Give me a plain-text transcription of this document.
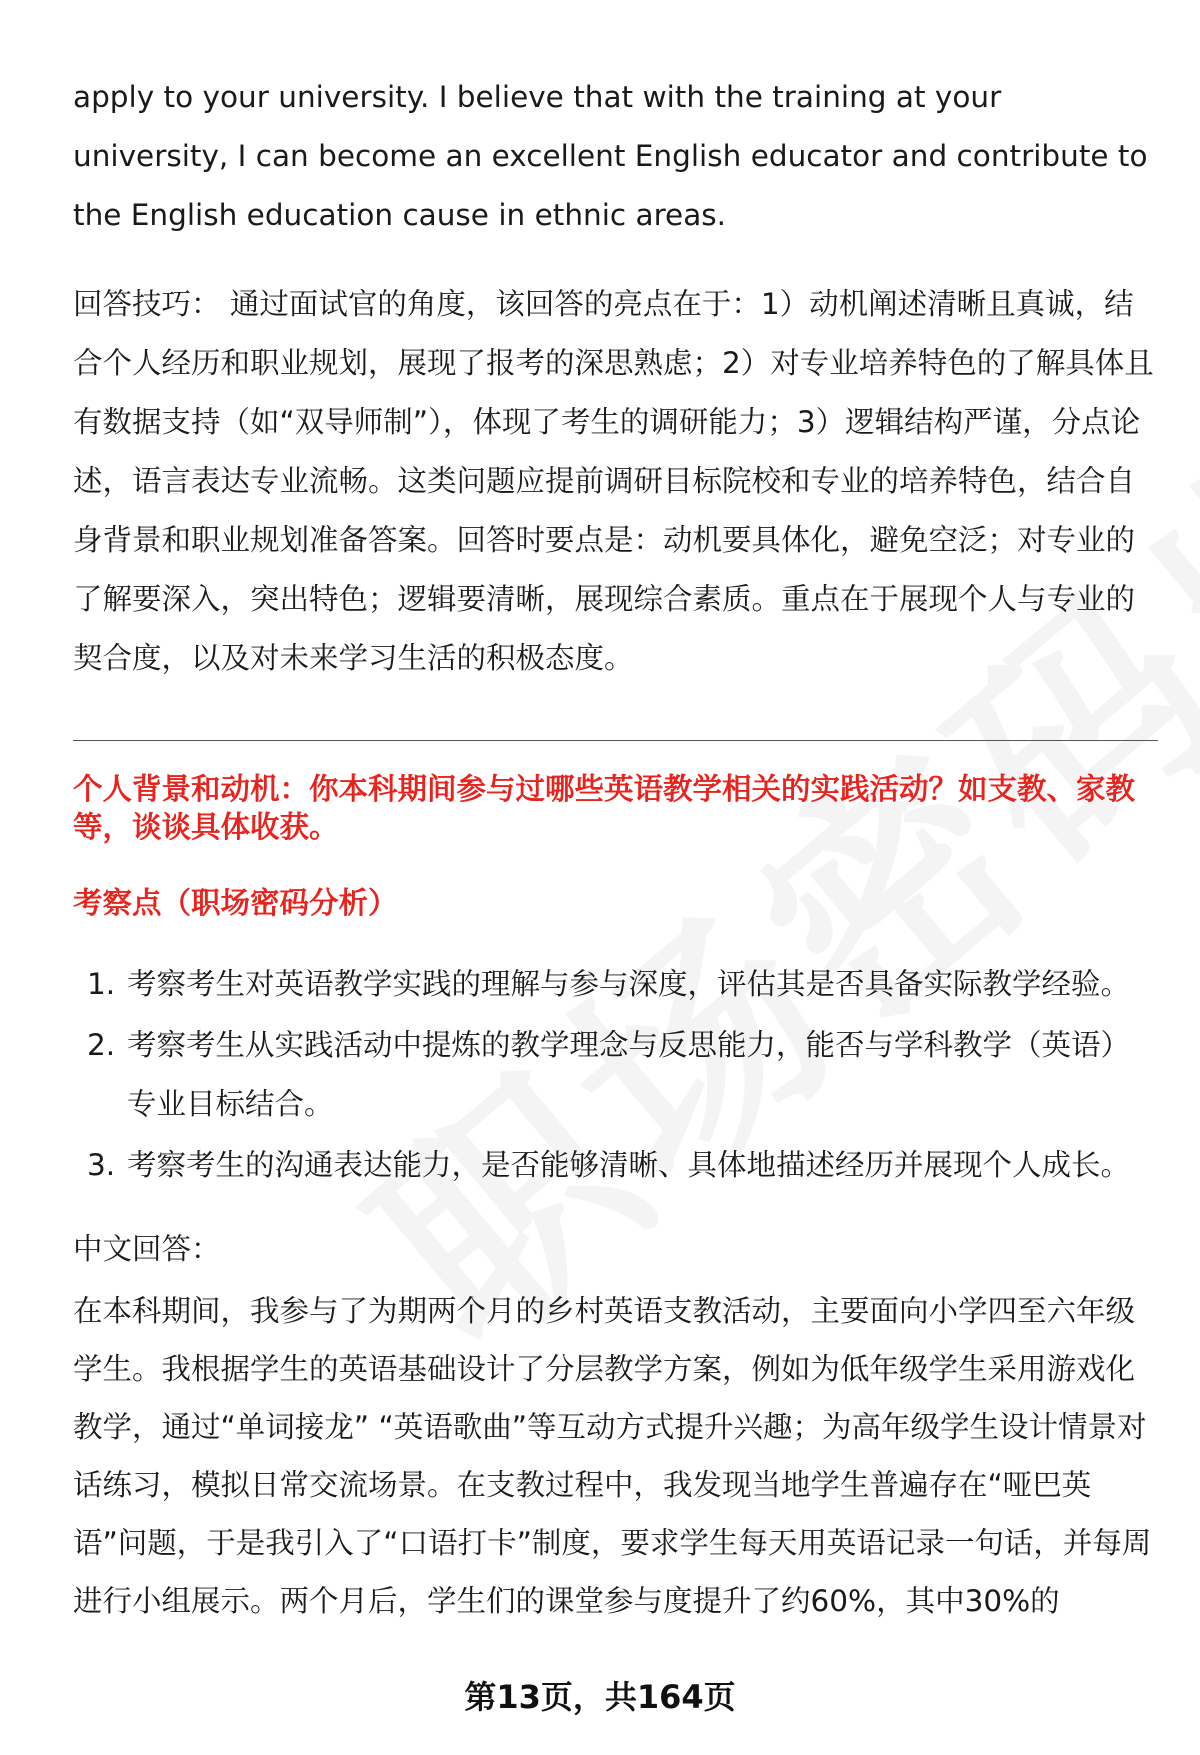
apply to your university. I believe that with the training at your university, I can become an excellent English educator and contribute to the English education cause in ethnic areas.
回答技巧： 通过面试官的角度，该回答的亮点在于：1）动机阐述清晰且真诚，结合个人经历和职业规划，展现了报考的深思熟虑；2）对专业培养特色的了解具体且有数据支持（如“双导师制”），体现了考生的调研能力；3）逻辑结构严谨，分点论述，语言表达专业流畅。这类问题应提前调研目标院校和专业的培养特色，结合自身背景和职业规划准备答案。回答时要点是：动机要具体化，避免空泛；对专业的了解要深入，突出特色；逻辑要清晰，展现综合素质。重点在于展现个人与专业的契合度，以及对未来学习生活的积极态度。
个人背景和动机：你本科期间参与过哪些英语教学相关的实践活动？如支教、家教等，谈谈具体收获。
考察点（职场密码分析）
1. 考察考生对英语教学实践的理解与参与深度，评估其是否具备实际教学经验。
2. 考察考生从实践活动中提炼的教学理念与反思能力，能否与学科教学（英语）专业目标结合。
3. 考察考生的沟通表达能力，是否能够清晰、具体地描述经历并展现个人成长。
中文回答：
在本科期间，我参与了为期两个月的乡村英语支教活动，主要面向小学四至六年级学生。我根据学生的英语基础设计了分层教学方案，例如为低年级学生采用游戏化教学，通过“单词接龙” “英语歌曲”等互动方式提升兴趣；为高年级学生设计情景对话练习，模拟日常交流场景。在支教过程中，我发现当地学生普遍存在“哑巴英语”问题，于是我引入了“口语打卡”制度，要求学生每天用英语记录一句话，并每周进行小组展示。两个月后，学生们的课堂参与度提升了约60%，其中30%的
第13页，共164页
